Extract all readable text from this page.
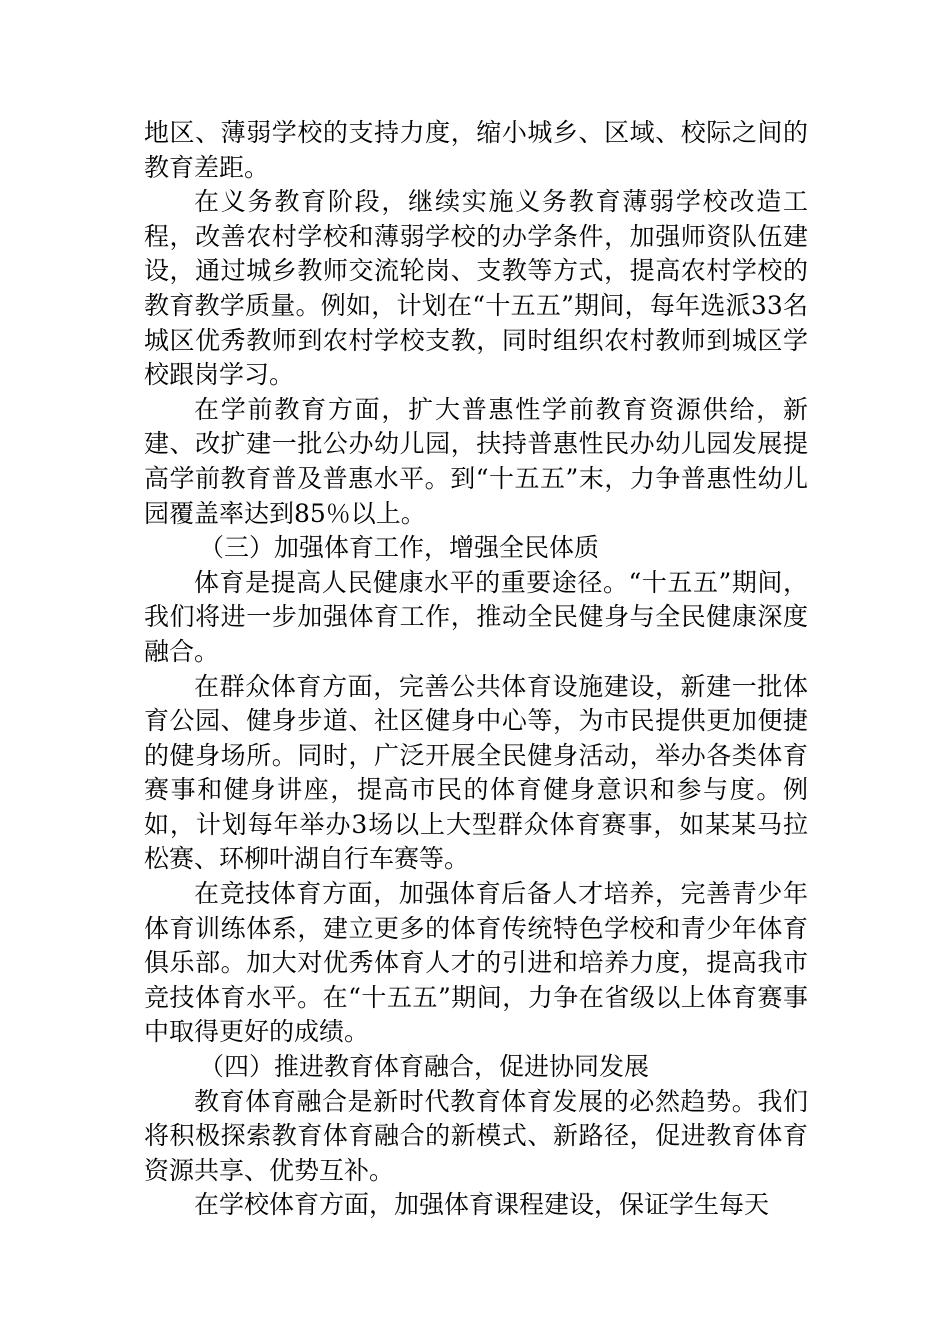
地区、薄弱学校的支持力度，缩小城乡、区域、校际之间的教育差距。

在义务教育阶段，继续实施义务教育薄弱学校改造工程，改善农村学校和薄弱学校的办学条件，加强师资队伍建设，通过城乡教师交流轮岗、支教等方式，提高农村学校的教育教学质量。例如，计划在“十五五”期间，每年选派33名城区优秀教师到农村学校支教，同时组织农村教师到城区学校跟岗学习。

在学前教育方面，扩大普惠性学前教育资源供给，新建、改扩建一批公办幼儿园，扶持普惠性民办幼儿园发展提高学前教育普及普惠水平。到“十五五”末，力争普惠性幼儿园覆盖率达到85％以上。

（三）加强体育工作，增强全民体质

体育是提高人民健康水平的重要途径。“十五五”期间，我们将进一步加强体育工作，推动全民健身与全民健康深度融合。

在群众体育方面，完善公共体育设施建设，新建一批体育公园、健身步道、社区健身中心等，为市民提供更加便捷的健身场所。同时，广泛开展全民健身活动，举办各类体育赛事和健身讲座，提高市民的体育健身意识和参与度。例如，计划每年举办3场以上大型群众体育赛事，如某某马拉松赛、环柳叶湖自行车赛等。

在竞技体育方面，加强体育后备人才培养，完善青少年体育训练体系，建立更多的体育传统特色学校和青少年体育俱乐部。加大对优秀体育人才的引进和培养力度，提高我市竞技体育水平。在“十五五”期间，力争在省级以上体育赛事中取得更好的成绩。

（四）推进教育体育融合，促进协同发展

教育体育融合是新时代教育体育发展的必然趋势。我们将积极探索教育体育融合的新模式、新路径，促进教育体育资源共享、优势互补。

在学校体育方面，加强体育课程建设，保证学生每天
